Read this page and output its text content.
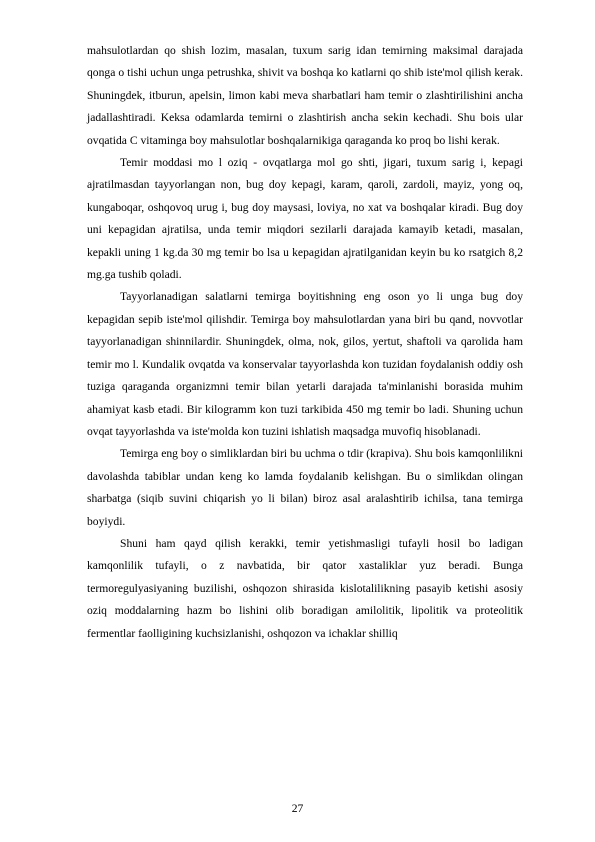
mahsulotlardan qo shish lozim, masalan, tuxum sarig idan temirning maksimal darajada qonga o tishi uchun unga petrushka, shivit va boshqa ko katlarni qo shib iste'mol qilish kerak. Shuningdek, itburun, apelsin, limon kabi meva sharbatlari ham temir o zlashtirilishini ancha jadallashtiradi. Keksa odamlarda temirni o zlashtirish ancha sekin kechadi. Shu bois ular ovqatida C vitaminga boy mahsulotlar boshqalarnikiga qaraganda ko proq bo lishi kerak.

Temir moddasi mo l oziq - ovqatlarga mol go shti, jigari, tuxum sarig i, kepagi ajratilmasdan tayyorlangan non, bug doy kepagi, karam, qaroli, zardoli, mayiz, yong oq, kungaboqar, oshqovoq urug i, bug doy maysasi, loviya, no xat va boshqalar kiradi. Bug doy uni kepagidan ajratilsa, unda temir miqdori sezilarli darajada kamayib ketadi, masalan, kepakli uning 1 kg.da 30 mg temir bo lsa u kepagidan ajratilganidan keyin bu ko rsatgich 8,2 mg.ga tushib qoladi.

Tayyorlanadigan salatlarni temirga boyitishning eng oson yo li unga bug doy kepagidan sepib iste'mol qilishdir. Temirga boy mahsulotlardan yana biri bu qand, novvotlar tayyorlanadigan shinnilardir. Shuningdek, olma, nok, gilos, yertut, shaftoli va qarolida ham temir mo l. Kundalik ovqatda va konservalar tayyorlashda kon tuzidan foydalanish oddiy osh tuziga qaraganda organizmni temir bilan yetarli darajada ta'minlanishi borasida muhim ahamiyat kasb etadi. Bir kilogramm kon tuzi tarkibida 450 mg temir bo ladi. Shuning uchun ovqat tayyorlashda va iste'molda kon tuzini ishlatish maqsadga muvofiq hisoblanadi.

Temirga eng boy o simliklardan biri bu uchma o tdir (krapiva). Shu bois kamqonlilikni davolashda tabiblar undan keng ko lamda foydalanib kelishgan. Bu o simlikdan olingan sharbatga (siqib suvini chiqarish yo li bilan) biroz asal aralashtirib ichilsa, tana temirga boyiydi.

Shuni ham qayd qilish kerakki, temir yetishmasligi tufayli hosil bo ladigan kamqonlilik tufayli, o z navbatida, bir qator xastaliklar yuz beradi. Bunga termoregulyasiyaning buzilishi, oshqozon shirasida kislotalilikning pasayib ketishi asosiy oziq moddalarning hazm bo lishini olib boradigan amilolitik, lipolitik va proteolitik fermentlar faolligining kuchsizlanishi, oshqozon va ichaklar shilliq

27
